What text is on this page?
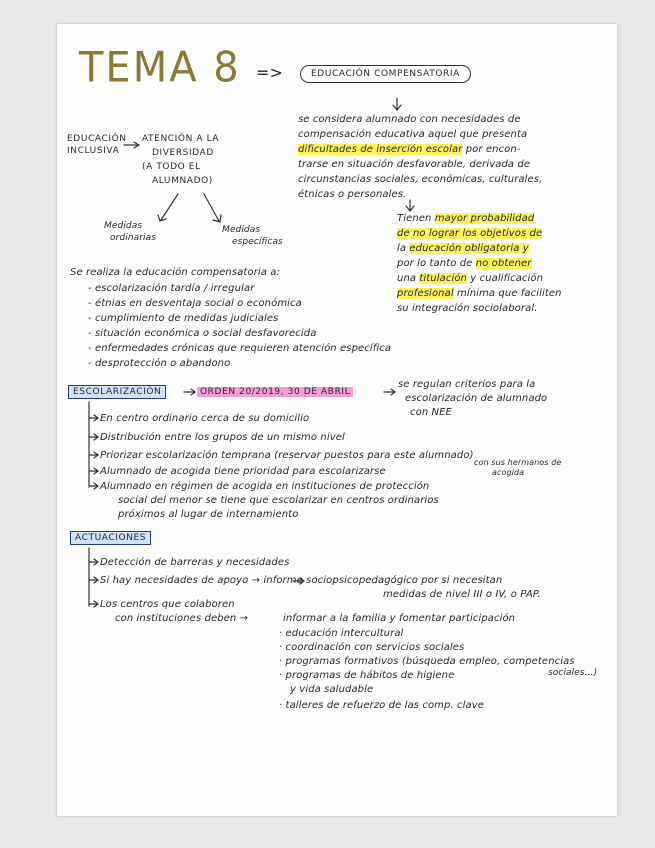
TEMA 8 =>	EDUCACIÓN COMPENSATORIA
se considera alumnado con necesidades de
compensación educativa aquel que presenta
dificultades de inserción escolar por encon-
trarse en situación desfavorable, derivada de
circunstancias sociales, económicas, culturales,
étnicas o personales.
Tienen mayor probabilidad
de no lograr los objetivos de
la educación obligatoria y
por lo tanto de no obtener
una titulación y cualificación
profesional mínima que faciliten
su integración sociolaboral.
EDUCACIÓN
INCLUSIVA
ATENCIÓN A LA
DIVERSIDAD
(A TODO EL
ALUMNADO)
Medidas
ordinarias
Medidas
específicas
Se realiza la educación compensatoria a:
- escolarización tardía / irregular
- étnias en desventaja social o económica
- cumplimiento de medidas judiciales
- situación económica o social desfavorecida
- enfermedades crónicas que requieren atención específica
- desprotección o abandono
ESCOLARIZACIÓN	ORDEN 20/2019, 30 DE ABRIL
se regulan criterios para la
escolarización de alumnado
con NEE
En centro ordinario cerca de su domicilio
Distribución entre los grupos de un mismo nivel
Priorizar escolarización temprana (reservar puestos para este alumnado)
Alumnado de acogida tiene prioridad para escolarizarse
con sus hermanos de
acogida
Alumnado en régimen de acogida en instituciones de protección
social del menor se tiene que escolarizar en centros ordinarios
próximos al lugar de internamiento
ACTUACIONES
Detección de barreras y necesidades
Si hay necesidades de apoyo → informe sociopsicopedagógico por si necesitan
medidas de nivel III o IV, o PAP.
Los centros que colaboren
con instituciones deben →	informar a la familia y fomentar participación
· educación intercultural
· coordinación con servicios sociales
· programas formativos (búsqueda empleo, competencias
sociales...)
· programas de hábitos de higiene
y vida saludable
· talleres de refuerzo de las comp. clave
